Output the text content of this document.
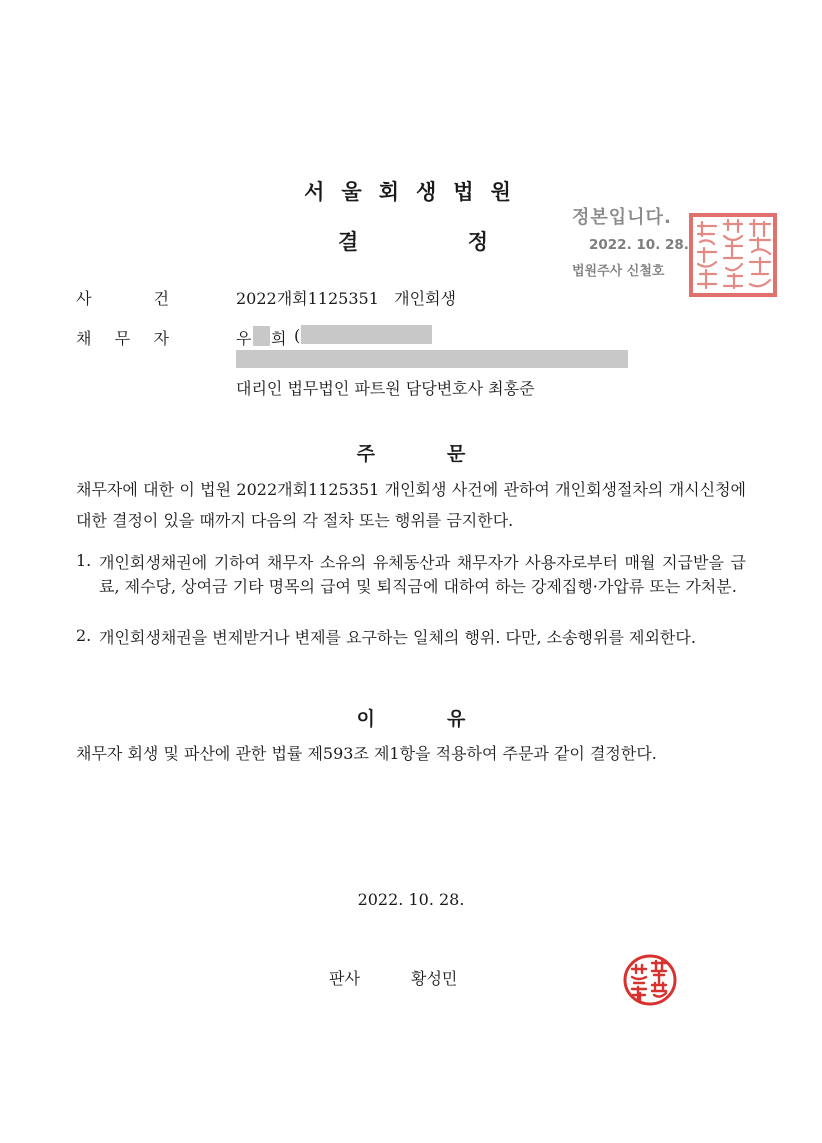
서울회생법원
결	정
정본입니다.
2022. 10. 28.
법원주사 신철호
사	건	2022개회1125351   개인회생
채 무 자	우 희 (
대리인 법무법인 파트원 담당변호사 최홍준
주	문
채무자에 대한 이 법원 2022개회1125351 개인회생 사건에 관하여 개인회생절차의 개시신청에 대한 결정이 있을 때까지 다음의 각 절차 또는 행위를 금지한다.
1. 개인회생채권에 기하여 채무자 소유의 유체동산과 채무자가 사용자로부터 매월 지급받을 급료, 제수당, 상여금 기타 명목의 급여 및 퇴직금에 대하여 하는 강제집행·가압류 또는 가처분.
2. 개인회생채권을 변제받거나 변제를 요구하는 일체의 행위. 다만, 소송행위를 제외한다.
이	유
채무자 회생 및 파산에 관한 법률 제593조 제1항을 적용하여 주문과 같이 결정한다.
2022. 10. 28.
판사	황성민
